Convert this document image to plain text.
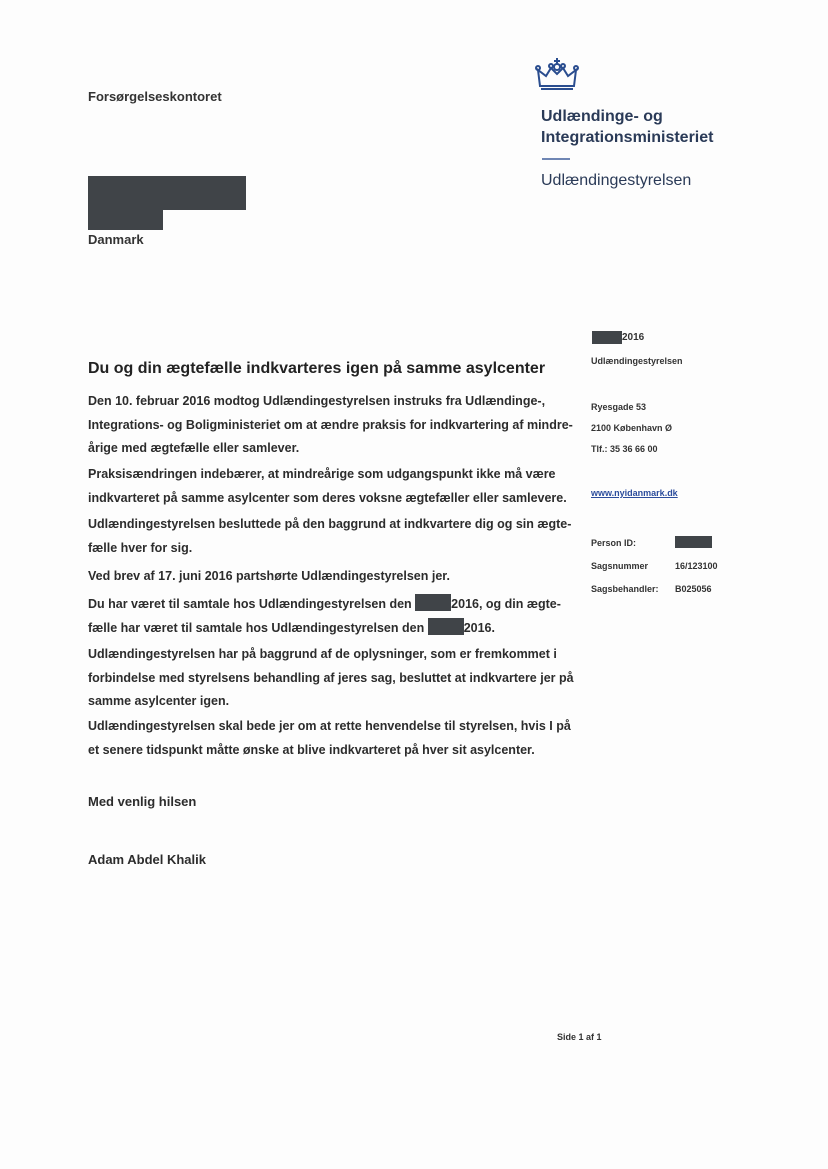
Forsørgelseskontoret
Udlændinge- og
Integrationsministeriet
Udlændingestyrelsen
Danmark
2016
Udlændingestyrelsen
Ryesgade 53
2100 København Ø
Tlf.: 35 36 66 00
www.nyidanmark.dk
Person ID:
Sagsnummer	16/123100
Sagsbehandler: B025056
Du og din ægtefælle indkvarteres igen på samme asylcenter
Den 10. februar 2016 modtog Udlændingestyrelsen instruks fra Udlændinge-,
Integrations- og Boligministeriet om at ændre praksis for indkvartering af mindre-
årige med ægtefælle eller samlever.
Praksisændringen indebærer, at mindreårige som udgangspunkt ikke må være
indkvarteret på samme asylcenter som deres voksne ægtefæller eller samlevere.
Udlændingestyrelsen besluttede på den baggrund at indkvartere dig og sin ægte-
fælle hver for sig.
Ved brev af 17. juni 2016 partshørte Udlændingestyrelsen jer.
Du har været til samtale hos Udlændingestyrelsen den	2016, og din ægte-
fælle har været til samtale hos Udlændingestyrelsen den	2016.
Udlændingestyrelsen har på baggrund af de oplysninger, som er fremkommet i
forbindelse med styrelsens behandling af jeres sag, besluttet at indkvartere jer på
samme asylcenter igen.
Udlændingestyrelsen skal bede jer om at rette henvendelse til styrelsen, hvis I på
et senere tidspunkt måtte ønske at blive indkvarteret på hver sit asylcenter.
Med venlig hilsen
Adam Abdel Khalik
Side 1 af 1
